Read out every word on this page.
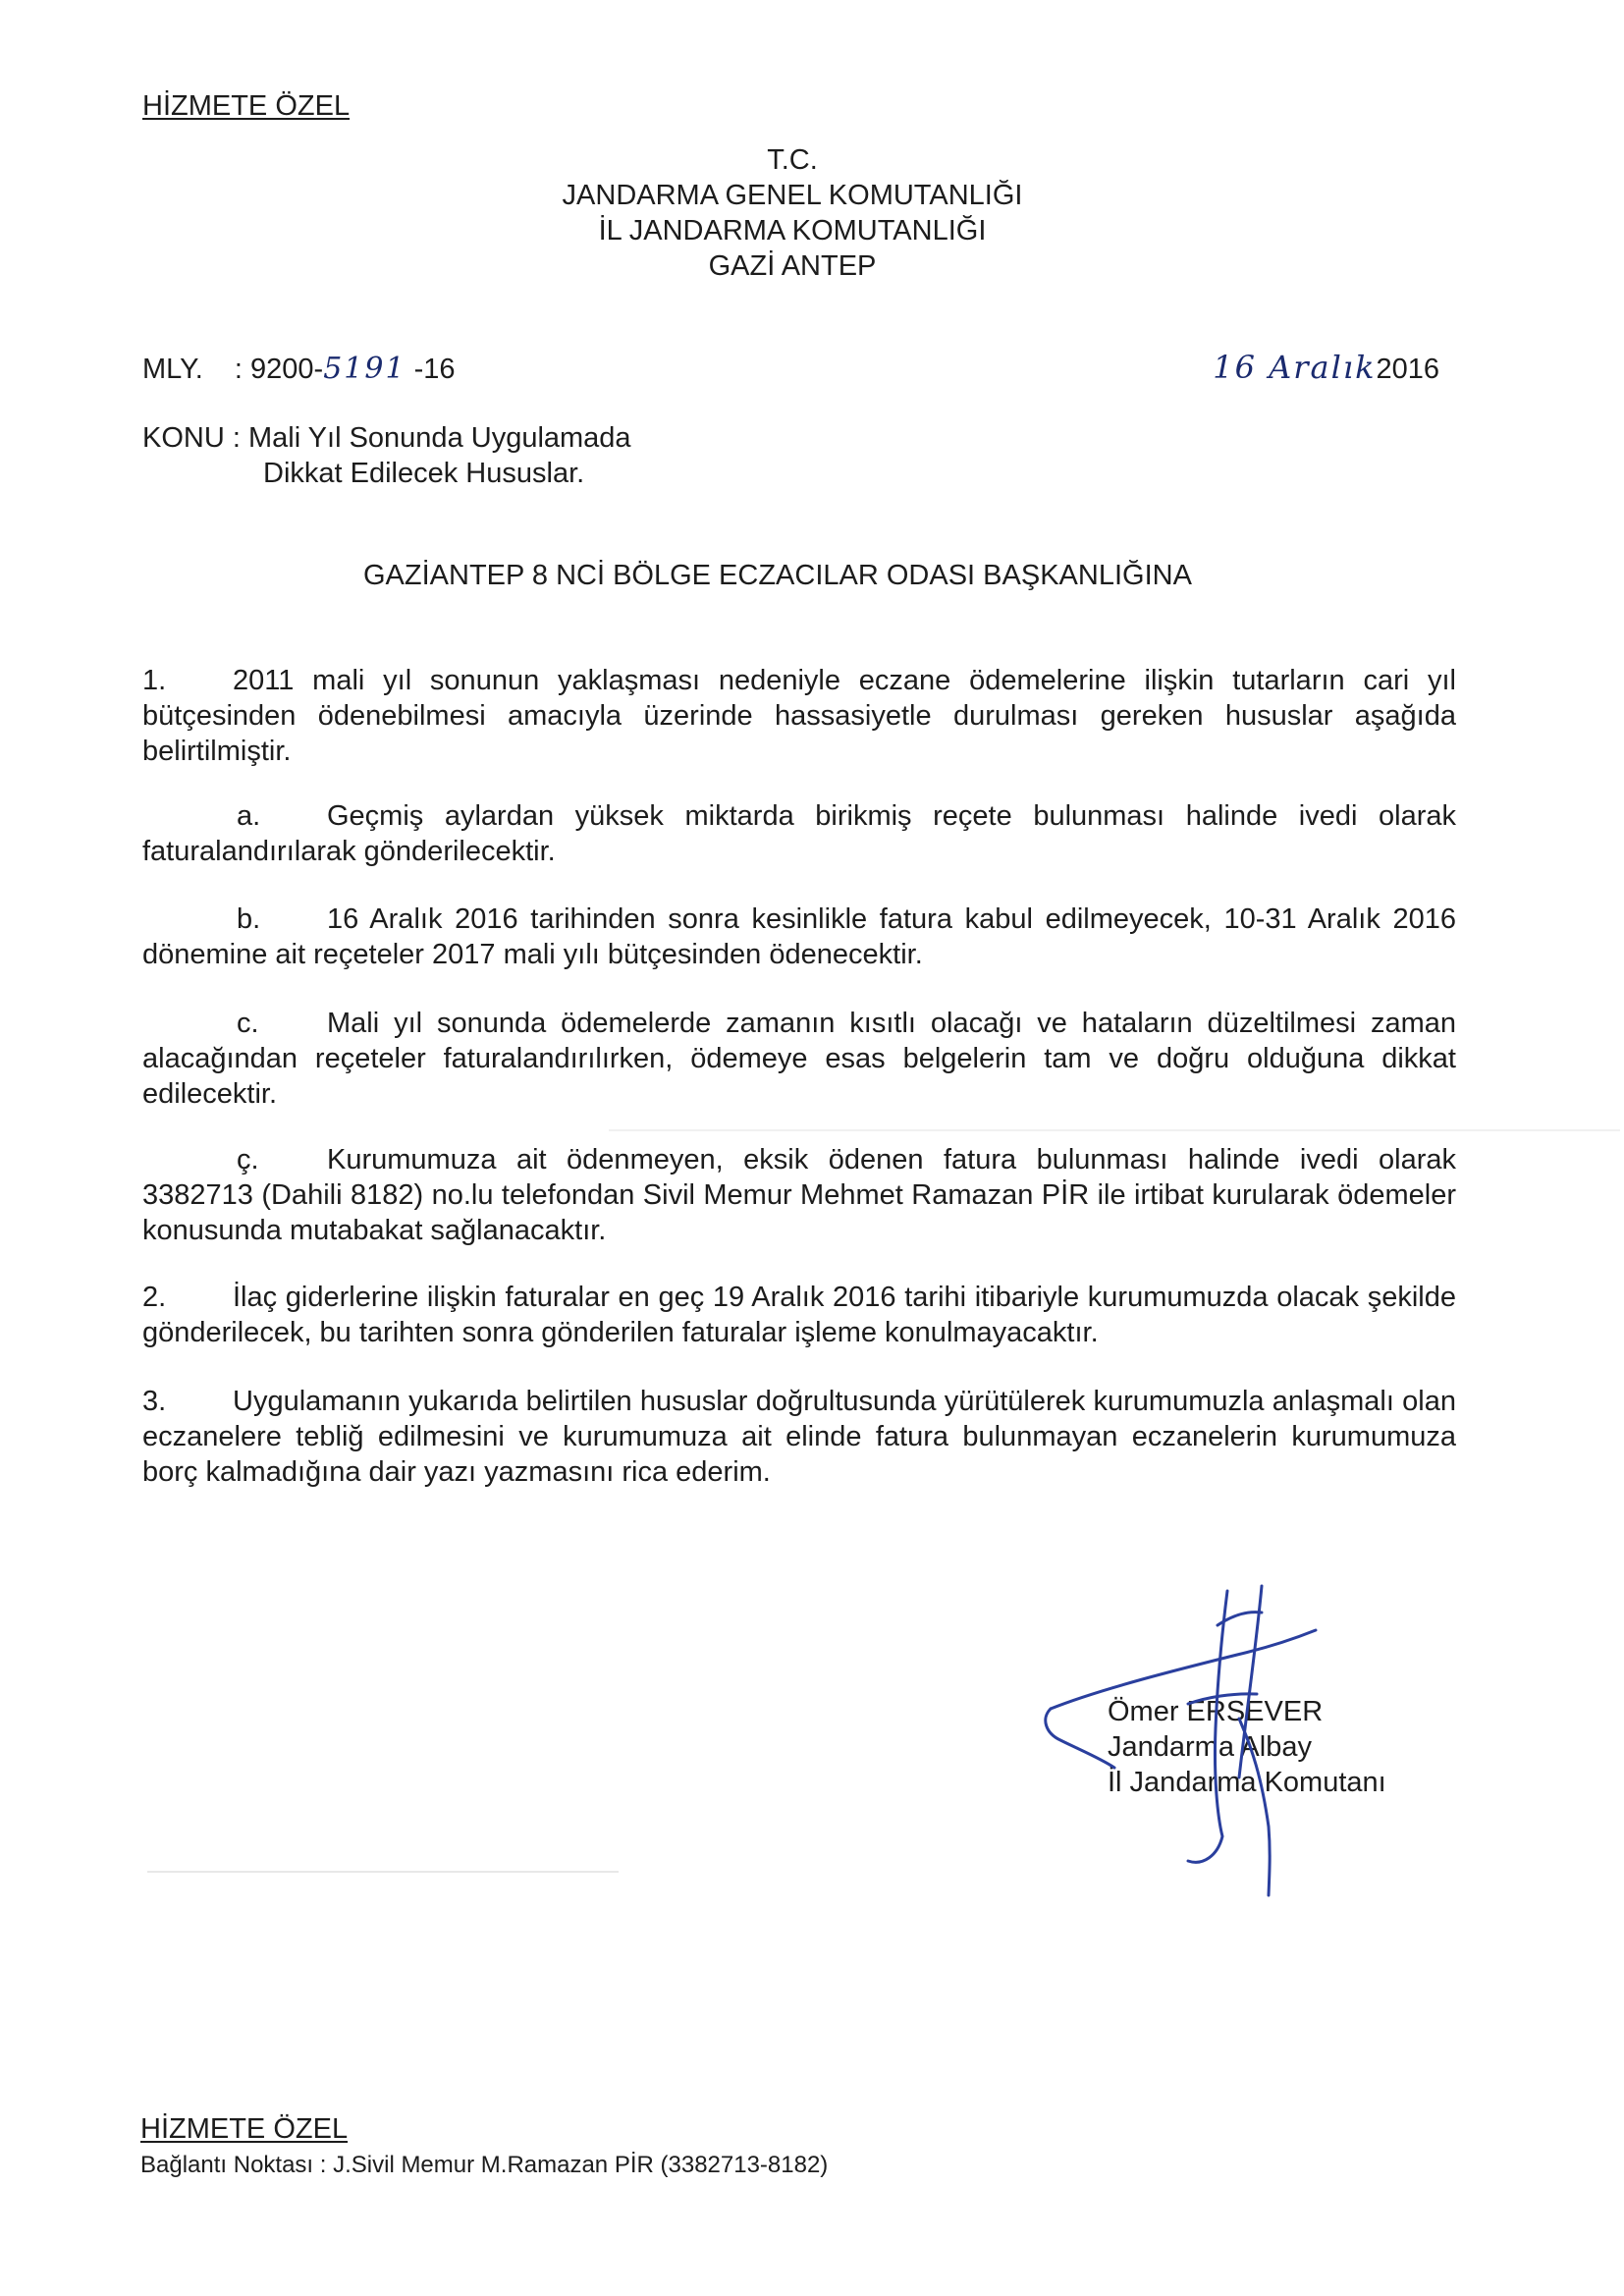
HİZMETE ÖZEL
T.C.
JANDARMA GENEL KOMUTANLIĞI
İL JANDARMA KOMUTANLIĞI
GAZİ ANTEP
MLY. : 9200-5191 -16	16 Aralık2016
KONU : Mali Yıl Sonunda Uygulamada
Dikkat Edilecek Hususlar.
GAZİANTEP 8 NCİ BÖLGE ECZACILAR ODASI BAŞKANLIĞINA
1. 2011 mali yıl sonunun yaklaşması nedeniyle eczane ödemelerine ilişkin tutarların cari yıl bütçesinden ödenebilmesi amacıyla üzerinde hassasiyetle durulması gereken hususlar aşağıda belirtilmiştir.
a. Geçmiş aylardan yüksek miktarda birikmiş reçete bulunması halinde ivedi olarak faturalandırılarak gönderilecektir.
b. 16 Aralık 2016 tarihinden sonra kesinlikle fatura kabul edilmeyecek, 10-31 Aralık 2016 dönemine ait reçeteler 2017 mali yılı bütçesinden ödenecektir.
c. Mali yıl sonunda ödemelerde zamanın kısıtlı olacağı ve hataların düzeltilmesi zaman alacağından reçeteler faturalandırılırken, ödemeye esas belgelerin tam ve doğru olduğuna dikkat edilecektir.
ç. Kurumumuza ait ödenmeyen, eksik ödenen fatura bulunması halinde ivedi olarak 3382713 (Dahili 8182) no.lu telefondan Sivil Memur Mehmet Ramazan PİR ile irtibat kurularak ödemeler konusunda mutabakat sağlanacaktır.
2. İlaç giderlerine ilişkin faturalar en geç 19 Aralık 2016 tarihi itibariyle kurumumuzda olacak şekilde gönderilecek, bu tarihten sonra gönderilen faturalar işleme konulmayacaktır.
3. Uygulamanın yukarıda belirtilen hususlar doğrultusunda yürütülerek kurumumuzla anlaşmalı olan eczanelere tebliğ edilmesini ve kurumumuza ait elinde fatura bulunmayan eczanelerin kurumumuza borç kalmadığına dair yazı yazmasını rica ederim.
Ömer ERSEVER
Jandarma Albay
İl Jandarma Komutanı
HİZMETE ÖZEL
Bağlantı Noktası : J.Sivil Memur M.Ramazan PİR (3382713-8182)
